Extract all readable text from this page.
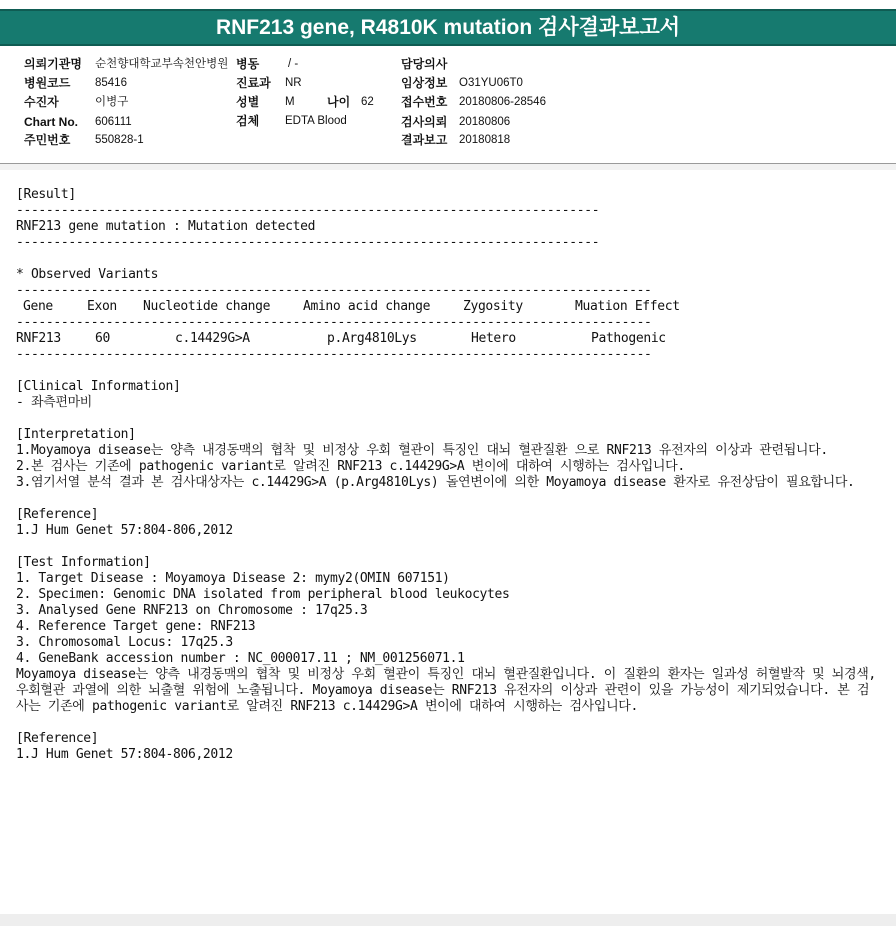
RNF213 gene, R4810K mutation 검사결과보고서
의뢰기관명 순천향대학교부속천안병원 병동	/ -	담당의사
병원코드 85416	진료과 NR	임상정보 O31YU06T0
수진자	이병구	성별 M	나이 62 접수번호 20180806-28546
Chart No. 606111	검체 EDTA Blood	검사의뢰 20180806
주민번호 550828-1	결과보고 20180818
[Result]
------------------------------------------------------------------------------
RNF213 gene mutation : Mutation detected
------------------------------------------------------------------------------
* Observed Variants
-------------------------------------------------------------------------------------
Gene	Exon Nucleotide change	Amino acid change	Zygosity	Muation Effect
-------------------------------------------------------------------------------------
RNF213	60	c.14429G>A	p.Arg4810Lys	Hetero	Pathogenic
-------------------------------------------------------------------------------------
[Clinical Information]
- 좌측편마비
[Interpretation]
1.Moyamoya disease는 양측 내경동맥의 협착 및 비정상 우회 혈관이 특징인 대뇌 혈관질환 으로 RNF213 유전자의 이상과 관련됩니다.
2.본 검사는 기존에 pathogenic variant로 알려진 RNF213 c.14429G>A 변이에 대하여 시행하는 검사입니다.
3.염기서열 분석 결과 본 검사대상자는 c.14429G>A (p.Arg4810Lys) 돌연변이에 의한 Moyamoya disease 환자로 유전상담이 필요합니다.
[Reference]
1.J Hum Genet 57:804-806,2012
[Test Information]
1. Target Disease : Moyamoya Disease 2: mymy2(OMIN 607151)
2. Specimen: Genomic DNA isolated from peripheral blood leukocytes
3. Analysed Gene RNF213 on Chromosome : 17q25.3
4. Reference Target gene: RNF213
3. Chromosomal Locus: 17q25.3
4. GeneBank accession number : NC_000017.11 ; NM_001256071.1
Moyamoya disease는 양측 내경동맥의 협착 및 비정상 우회 혈관이 특징인 대뇌 혈관질환입니다. 이 질환의 환자는 일과성 허혈발작 및 뇌경색, 우회혈관 과열에 의한 뇌출혈 위험에 노출됩니다. Moyamoya disease는 RNF213 유전자의 이상과 관련이 있을 가능성이 제기되었습니다. 본 검사는 기존에 pathogenic variant로 알려진 RNF213 c.14429G>A 변이에 대하여 시행하는 검사입니다.
[Reference]
1.J Hum Genet 57:804-806,2012
